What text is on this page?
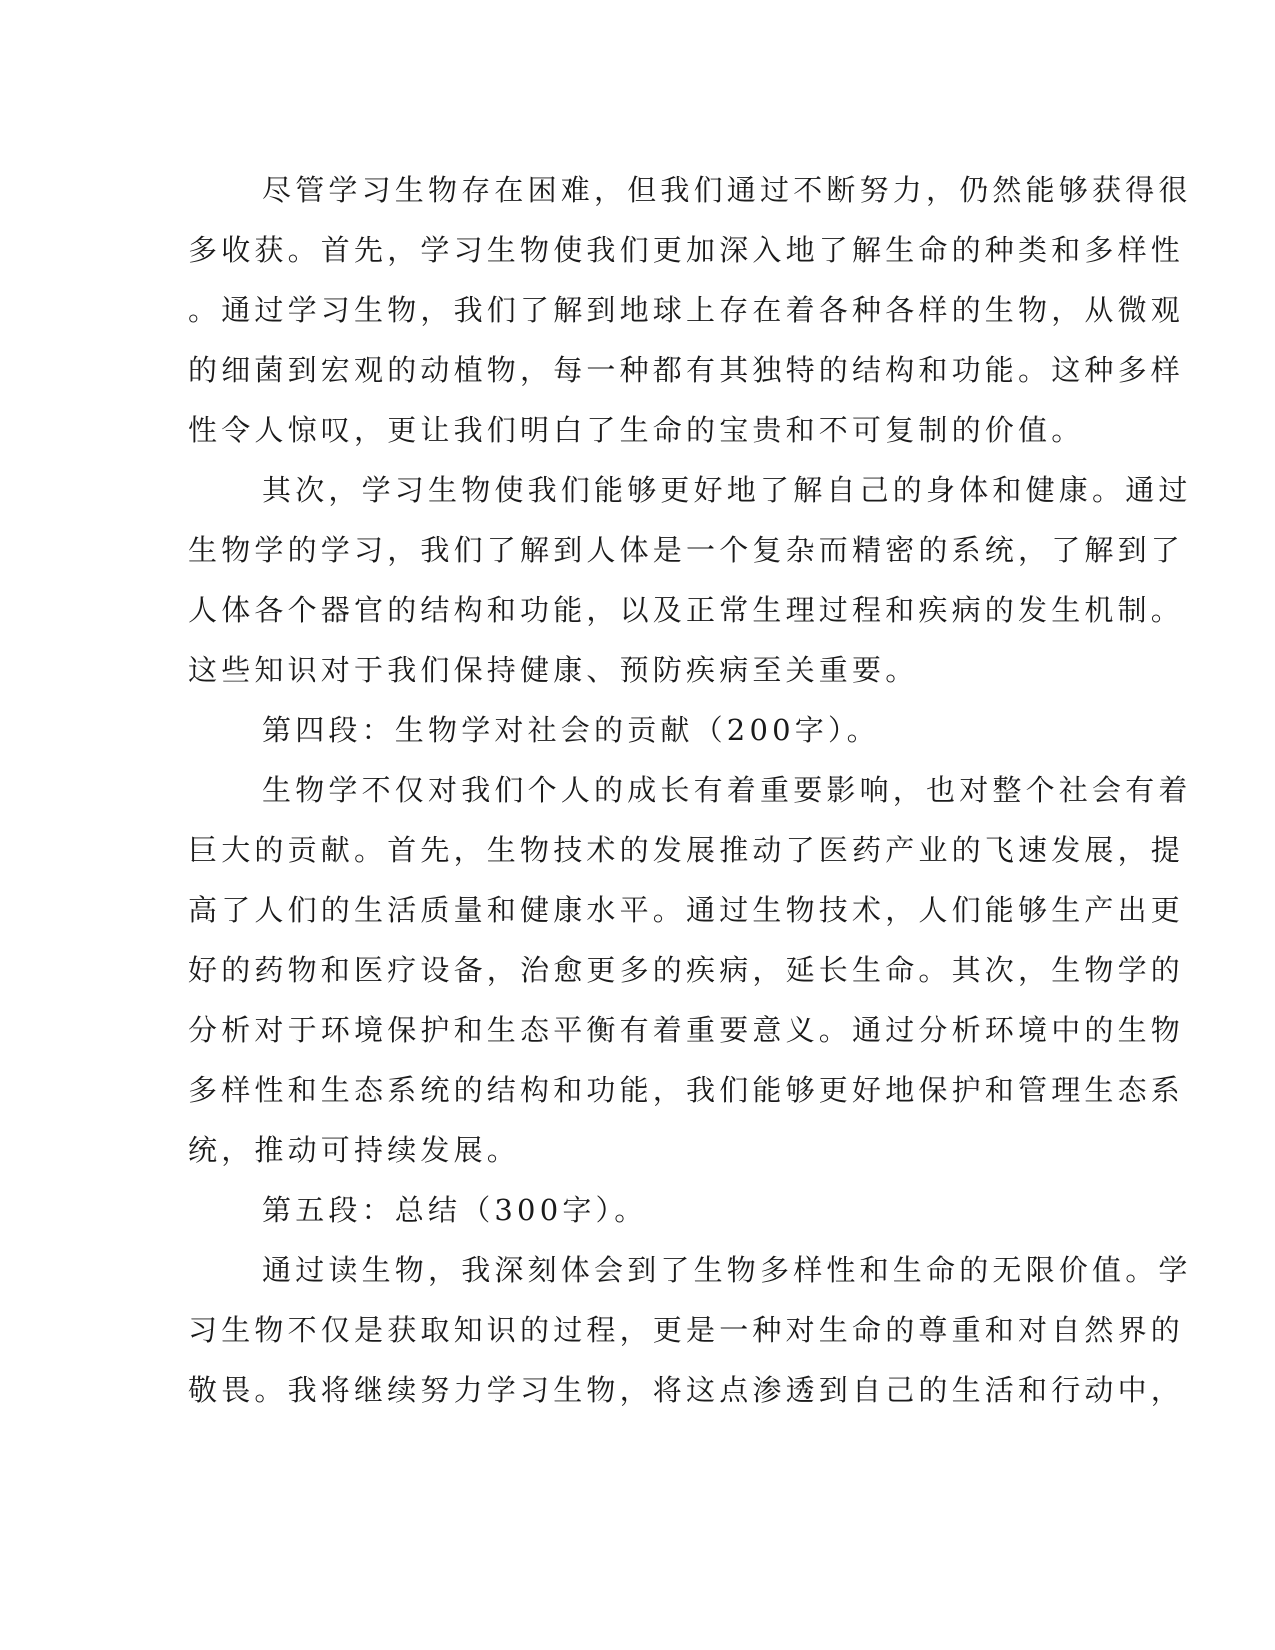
尽管学习生物存在困难，但我们通过不断努力，仍然能够获得很
多收获。首先，学习生物使我们更加深入地了解生命的种类和多样性
。通过学习生物，我们了解到地球上存在着各种各样的生物，从微观
的细菌到宏观的动植物，每一种都有其独特的结构和功能。这种多样
性令人惊叹，更让我们明白了生命的宝贵和不可复制的价值。

其次，学习生物使我们能够更好地了解自己的身体和健康。通过
生物学的学习，我们了解到人体是一个复杂而精密的系统，了解到了
人体各个器官的结构和功能，以及正常生理过程和疾病的发生机制。
这些知识对于我们保持健康、预防疾病至关重要。

第四段：生物学对社会的贡献（200字）。

生物学不仅对我们个人的成长有着重要影响，也对整个社会有着
巨大的贡献。首先，生物技术的发展推动了医药产业的飞速发展，提
高了人们的生活质量和健康水平。通过生物技术，人们能够生产出更
好的药物和医疗设备，治愈更多的疾病，延长生命。其次，生物学的
分析对于环境保护和生态平衡有着重要意义。通过分析环境中的生物
多样性和生态系统的结构和功能，我们能够更好地保护和管理生态系
统，推动可持续发展。

第五段：总结（300字）。

通过读生物，我深刻体会到了生物多样性和生命的无限价值。学
习生物不仅是获取知识的过程，更是一种对生命的尊重和对自然界的
敬畏。我将继续努力学习生物，将这点渗透到自己的生活和行动中，
